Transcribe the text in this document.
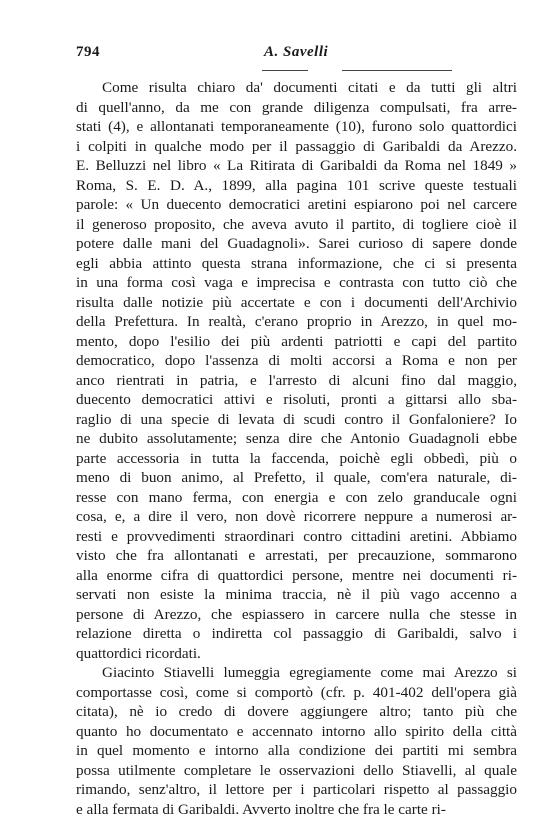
794	A. Savelli
Come risulta chiaro da' documenti citati e da tutti gli altri
di quell'anno, da me con grande diligenza compulsati, fra arre-
stati (4), e allontanati temporaneamente (10), furono solo quattordici
i colpiti in qualche modo per il passaggio di Garibaldi da Arezzo.
E. Belluzzi nel libro « La Ritirata di Garibaldi da Roma nel 1849 »
Roma, S. E. D. A., 1899, alla pagina 101 scrive queste testuali
parole: « Un duecento democratici aretini espiarono poi nel carcere
il generoso proposito, che aveva avuto il partito, di togliere cioè il
potere dalle mani del Guadagnoli». Sarei curioso di sapere donde
egli abbia attinto questa strana informazione, che ci si presenta
in una forma così vaga e imprecisa e contrasta con tutto ciò che
risulta dalle notizie più accertate e con i documenti dell'Archivio
della Prefettura. In realtà, c'erano proprio in Arezzo, in quel mo-
mento, dopo l'esilio dei più ardenti patriotti e capi del partito
democratico, dopo l'assenza di molti accorsi a Roma e non per
anco rientrati in patria, e l'arresto di alcuni fino dal maggio,
duecento democratici attivi e risoluti, pronti a gittarsi allo sba-
raglio di una specie di levata di scudi contro il Gonfaloniere? Io
ne dubito assolutamente; senza dire che Antonio Guadagnoli ebbe
parte accessoria in tutta la faccenda, poichè egli obbedì, più o
meno di buon animo, al Prefetto, il quale, com'era naturale, di-
resse con mano ferma, con energia e con zelo granducale ogni
cosa, e, a dire il vero, non dovè ricorrere neppure a numerosi ar-
resti e provvedimenti straordinari contro cittadini aretini. Abbiamo
visto che fra allontanati e arrestati, per precauzione, sommarono
alla enorme cifra di quattordici persone, mentre nei documenti ri-
servati non esiste la minima traccia, nè il più vago accenno a
persone di Arezzo, che espiassero in carcere nulla che stesse in
relazione diretta o indiretta col passaggio di Garibaldi, salvo i
quattordici ricordati.
Giacinto Stiavelli lumeggia egregiamente come mai Arezzo si
comportasse così, come si comportò (cfr. p. 401-402 dell'opera già
citata), nè io credo di dovere aggiungere altro; tanto più che
quanto ho documentato e accennato intorno allo spirito della città
in quel momento e intorno alla condizione dei partiti mi sembra
possa utilmente completare le osservazioni dello Stiavelli, al quale
rimando, senz'altro, il lettore per i particolari rispetto al passaggio
e alla fermata di Garibaldi. Avverto inoltre che fra le carte ri-
